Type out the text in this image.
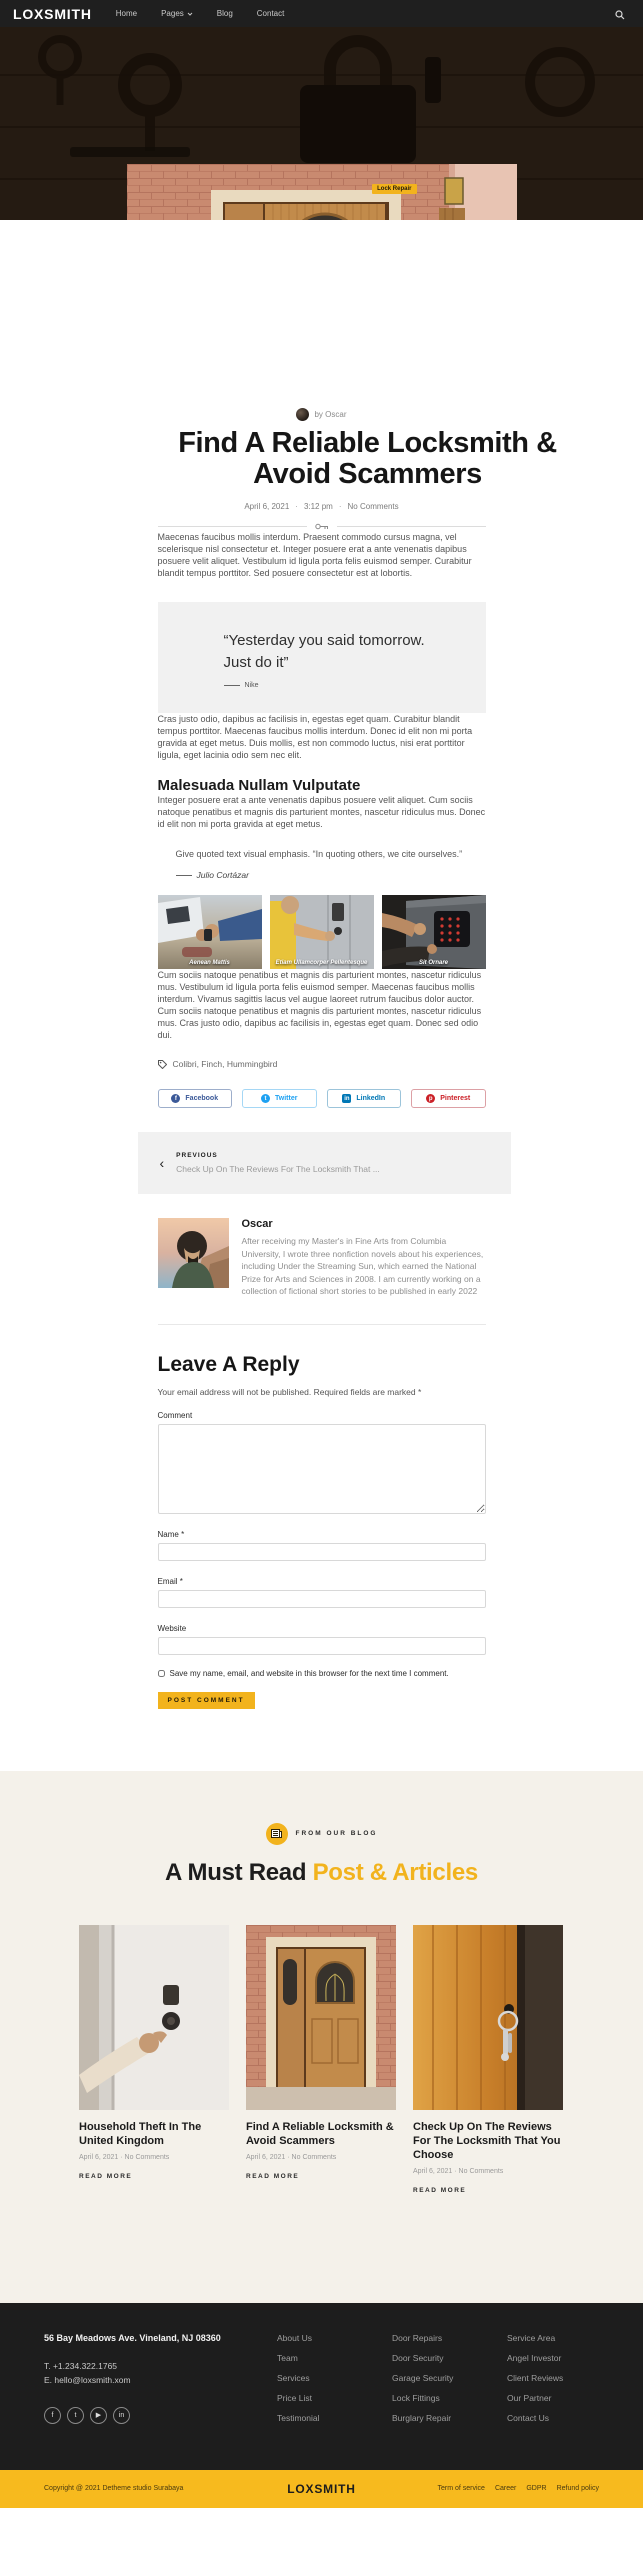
LOXSMITH	Home	Pages	Blog	Contact
Lock Repair
by Oscar
Find A Reliable Locksmith & Avoid Scammers
April 6, 2021	· 3:12 pm	· No Comments

Maecenas faucibus mollis interdum. Praesent commodo cursus magna, vel scelerisque nisl consectetur et. Integer posuere erat a ante venenatis dapibus posuere velit aliquet. Vestibulum id ligula porta felis euismod semper. Curabitur blandit tempus porttitor. Sed posuere consectetur est at lobortis.

“Yesterday you said tomorrow. Just do it”
Nike

Cras justo odio, dapibus ac facilisis in, egestas eget quam. Curabitur blandit tempus porttitor. Maecenas faucibus mollis interdum. Donec id elit non mi porta gravida at eget metus. Duis mollis, est non commodo luctus, nisi erat porttitor ligula, eget lacinia odio sem nec elit.

Malesuada Nullam Vulputate

Integer posuere erat a ante venenatis dapibus posuere velit aliquet. Cum sociis natoque penatibus et magnis dis parturient montes, nascetur ridiculus mus. Donec id elit non mi porta gravida at eget metus.

Give quoted text visual emphasis. “In quoting others, we cite ourselves.”
Julio Cortázar
Aenean Mattis	Etiam Ullamcorper Pellentesque	Sit Ornare

Cum sociis natoque penatibus et magnis dis parturient montes, nascetur ridiculus mus. Vestibulum id ligula porta felis euismod semper. Maecenas faucibus mollis interdum. Vivamus sagittis lacus vel augue laoreet rutrum faucibus dolor auctor. Cum sociis natoque penatibus et magnis dis parturient montes, nascetur ridiculus mus. Cras justo odio, dapibus ac facilisis in, egestas eget quam. Donec sed odio dui.

Colibri, Finch, Hummingbird
f	Facebook	t	Twitter	in LinkedIn	p	Pinterest
‹ PREVIOUS
Check Up On The Reviews For The Locksmith That ...
Oscar
After receiving my Master's in Fine Arts from Columbia University, I wrote three nonfiction novels about his experiences, including Under the Streaming Sun, which earned the National Prize for Arts and Sciences in 2008. I am currently working on a collection of fictional short stories to be published in early 2022
Leave A Reply
Your email address will not be published. Required fields are marked *
Comment
Name *
Email *
Website
Save my name, email, and website in this browser for the next time I comment.
POST COMMENT
FROM OUR BLOG
A Must Read Post & Articles
Household Theft In The United Kingdom
April 6, 2021 · No Comments
READ MORE
Find A Reliable Locksmith & Avoid Scammers
April 6, 2021 · No Comments
READ MORE
Check Up On The Reviews For The Locksmith That You Choose
April 6, 2021 · No Comments
READ MORE
56 Bay Meadows Ave. Vineland, NJ 08360
T. +1.234.322.1765
E. hello@loxsmith.xom
f	t	▶	in
About Us
Team
Services
Price List
Testimonial
Door Repairs
Door Security
Garage Security
Lock Fittings
Burglary Repair
Service Area
Angel Investor
Client Reviews
Our Partner
Contact Us
Copyright @ 2021 Detheme studio Surabaya	LOXSMITH	Term of service Career GDPR Refund policy
